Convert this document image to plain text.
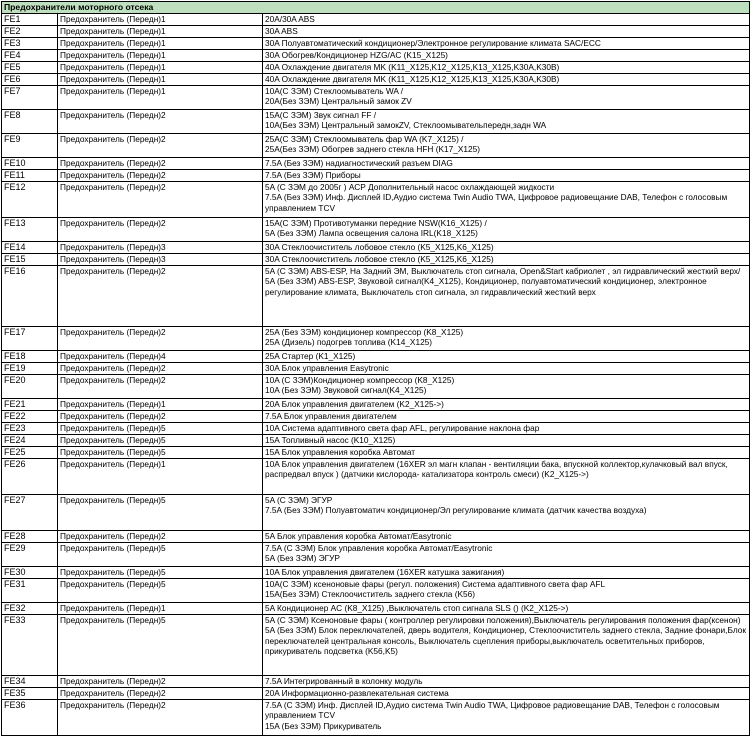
Предохранители моторного отсека		
FE1	Предохранитель (Передн)1	20A/30A ABS
FE2	Предохранитель (Передн)1	30A ABS
FE3	Предохранитель (Передн)1	30A Полуавтоматический кондиционер/Электронное регулирование климата SAC/ECC
FE4	Предохранитель (Передн)1	30A Обогрев/Кондиционер HZG/AC (K15_X125)
FE5	Предохранитель (Передн)1	40A Охлаждение двигателя MK (K11_X125,K12_X125,K13_X125,K30A,K30B)
FE6	Предохранитель (Передн)1	40A Охлаждение двигателя MK (K11_X125,K12_X125,K13_X125,K30A,K30B)
FE7	Предохранитель (Передн)1	10A(С ЗЭМ) Стеклоомыватель WA /
20A(Без ЗЭМ) Центральный замок ZV
FE8	Предохранитель (Передн)2	15A(С ЗЭМ) Звук сигнал FF /
10A(Без ЗЭМ) Центральный замокZV, Стеклоомывательпередн,задн WA
FE9	Предохранитель (Передн)2	25A(С ЗЭМ) Стеклоомыватель фар WA (K7_X125) /
25A(Без ЗЭМ) Обогрев заднеrо стекла HFH (K17_X125)
FE10	Предохранитель (Передн)2	7.5A (Без ЗЭМ) надиагностический разъем DIAG
FE11	Предохранитель (Передн)2	7.5A (Без ЗЭМ) Приборы
FE12	Предохранитель (Передн)2	5A (С ЗЭМ до 2005г ) АСР Дополнительный насос охлаждающей жидкости
7.5A (Без ЗЭМ) Инф. Дисплей ID,Аудио система Twin Audio TWA, Цифровое радиовещание DAB, Телефон с голосовым управлением TCV
FE13	Предохранитель (Передн)2	15A(С ЗЭМ) Противотуманки передние NSW(K16_X125) /
5A (Без ЗЭМ) Лампа освещения салона IRL(K18_X125)
FE14	Предохранитель (Передн)3	30A Стеклоочиститель лобовое стекло (K5_X125,K6_X125)
FE15	Предохранитель (Передн)3	30A Стеклоочиститель лобовое стекло (K5_X125,K6_X125)
FE16	Предохранитель (Передн)2	5A (С ЗЭМ) ABS-ESP, На Задний ЭМ, Выключатель стоп сигнала, Open&Start кабриолет , эл гидравлический жесткий верх/
5A (Без ЗЭМ) ABS-ESP, Звуковой сигнал(K4_X125), Кондиционер, полуавтоматический кондиционер, электронное регулирование климата, Выключатель стоп сигнала, эл гидравлический жесткий верх
FE17	Предохранитель (Передн)2	25A (Без ЗЭМ) кондиционер компрессор (K8_X125)
25A (Дизель) подогрев топлива (K14_X125)
FE18	Предохранитель (Передн)4	25A Стартер (K1_X125)
FE19	Предохранитель (Передн)2	30A Блок управления Easytronic
FE20	Предохранитель (Передн)2	10A (С ЗЭМ)Кондиционер компрессор (K8_X125)
10A (Без ЗЭМ) Звуковой сигнал(K4_X125)
FE21	Предохранитель (Передн)1	20A Блок управления двигателем (K2_X125->)
FE22	Предохранитель (Передн)2	7.5A Блок управления двигателем
FE23	Предохранитель (Передн)5	10A Система адаптивного света фар AFL, регулирование наклона фар
FE24	Предохранитель (Передн)5	15A Топливный насос (K10_X125)
FE25	Предохранитель (Передн)5	15A Блок управления коробка Автомат
FE26	Предохранитель (Передн)1	10A Блок управления двигателем (16XER эл магн клапан - вентиляции бака, впускной коллектор,кулачковый вал впуск, распредвал впуск ) (датчики кислорода- катализатора контроль смеси) (K2_X125->)
FE27	Предохранитель (Передн)5	5A (С ЗЭМ) ЭГУР
7.5A (Без ЗЭМ) Полуавтоматич кондиционер/Эл регулирование климата (датчик качества воздуха)
FE28	Предохранитель (Передн)2	5A Блок управления коробка Автомат/Easytronic
FE29	Предохранитель (Передн)5	7.5A (С ЗЭМ) Блок управления коробка Автомат/Easytronic
5A (Без ЗЭМ) ЭГУР
FE30	Предохранитель (Передн)5	10A Блок управления двигателем (16XER катушка зажигания)
FE31	Предохранитель (Передн)5	10A(С ЗЭМ) ксеноновые фары (регул. положения) Система адаптивного света фар AFL
15A(Без ЗЭМ) Стеклоочиститель заднего стекла (K56)
FE32	Предохранитель (Передн)1	5A Кондиционер AC (K8_X125) ,Выключатель стоп сигнала SLS () (K2_X125->)
FE33	Предохранитель (Передн)5	5A (С ЗЭМ) Ксеноновые фары ( контроллер регулировки положения),Выключатель регулирования положения фар(ксенон)
5A (Без ЗЭМ) Блок переключателей, дверь водителя, Кондиционер, Стеклоочиститель заднего стекла, Задние фонари,Блок переключателей центральная консоль, Выключатель сцепления приборы,выключатель осветительных приборов, прикуриватель подсветка (K56,K5)
FE34	Предохранитель (Передн)2	7.5A Интегрированный в колонку модуль
FE35	Предохранитель (Передн)2	20A Информационно-развлекательная система
FE36	Предохранитель (Передн)2	7.5A (С ЗЭМ) Инф. Дисплей ID,Аудио система Twin Audio TWA, Цифровое радиовещание DAB, Телефон с голосовым управлением TCV
15A (Без ЗЭМ) Прикуриватель
